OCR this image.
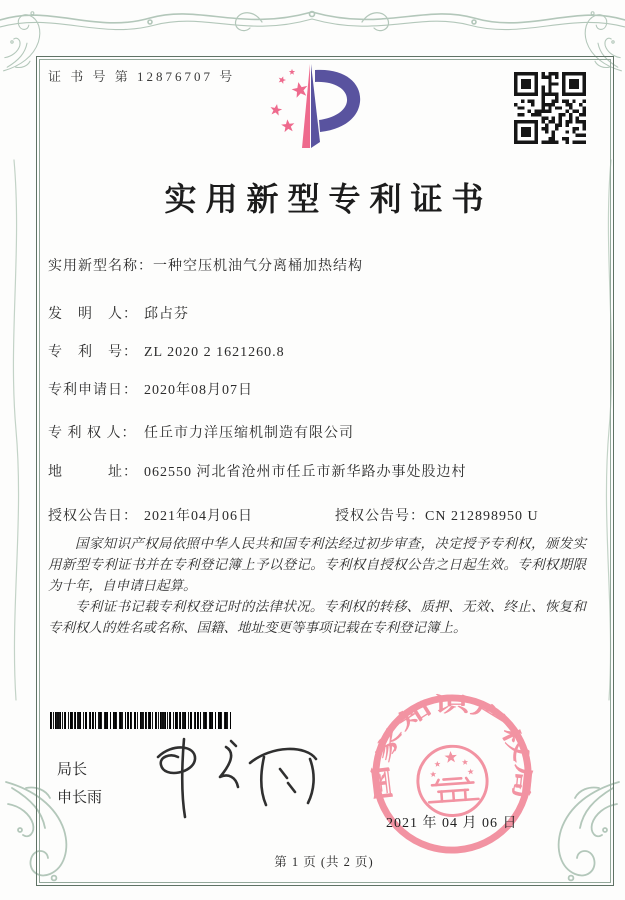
证 书 号 第 12876707 号
实用新型专利证书
实用新型名称：一种空压机油气分离桶加热结构
发　明　人： 邱占芬
专　利　号： ZL 2020 2 1621260.8
专利申请日： 2020年08月07日
专 利 权 人： 任丘市力洋压缩机制造有限公司
地　　　址： 062550 河北省沧州市任丘市新华路办事处股边村
授权公告日： 2021年04月06日	授权公告号：CN 212898950 U

国家知识产权局依照中华人民共和国专利法经过初步审查，决定授予专利权，颁发实用新型专利证书并在专利登记簿上予以登记。专利权自授权公告之日起生效。专利权期限为十年，自申请日起算。

专利证书记载专利权登记时的法律状况。专利权的转移、质押、无效、终止、恢复和专利权人的姓名或名称、国籍、地址变更等事项记载在专利登记簿上。

局长
申长雨	国家知识产权局
2021 年 04 月 06 日
第 1 页 (共 2 页)
